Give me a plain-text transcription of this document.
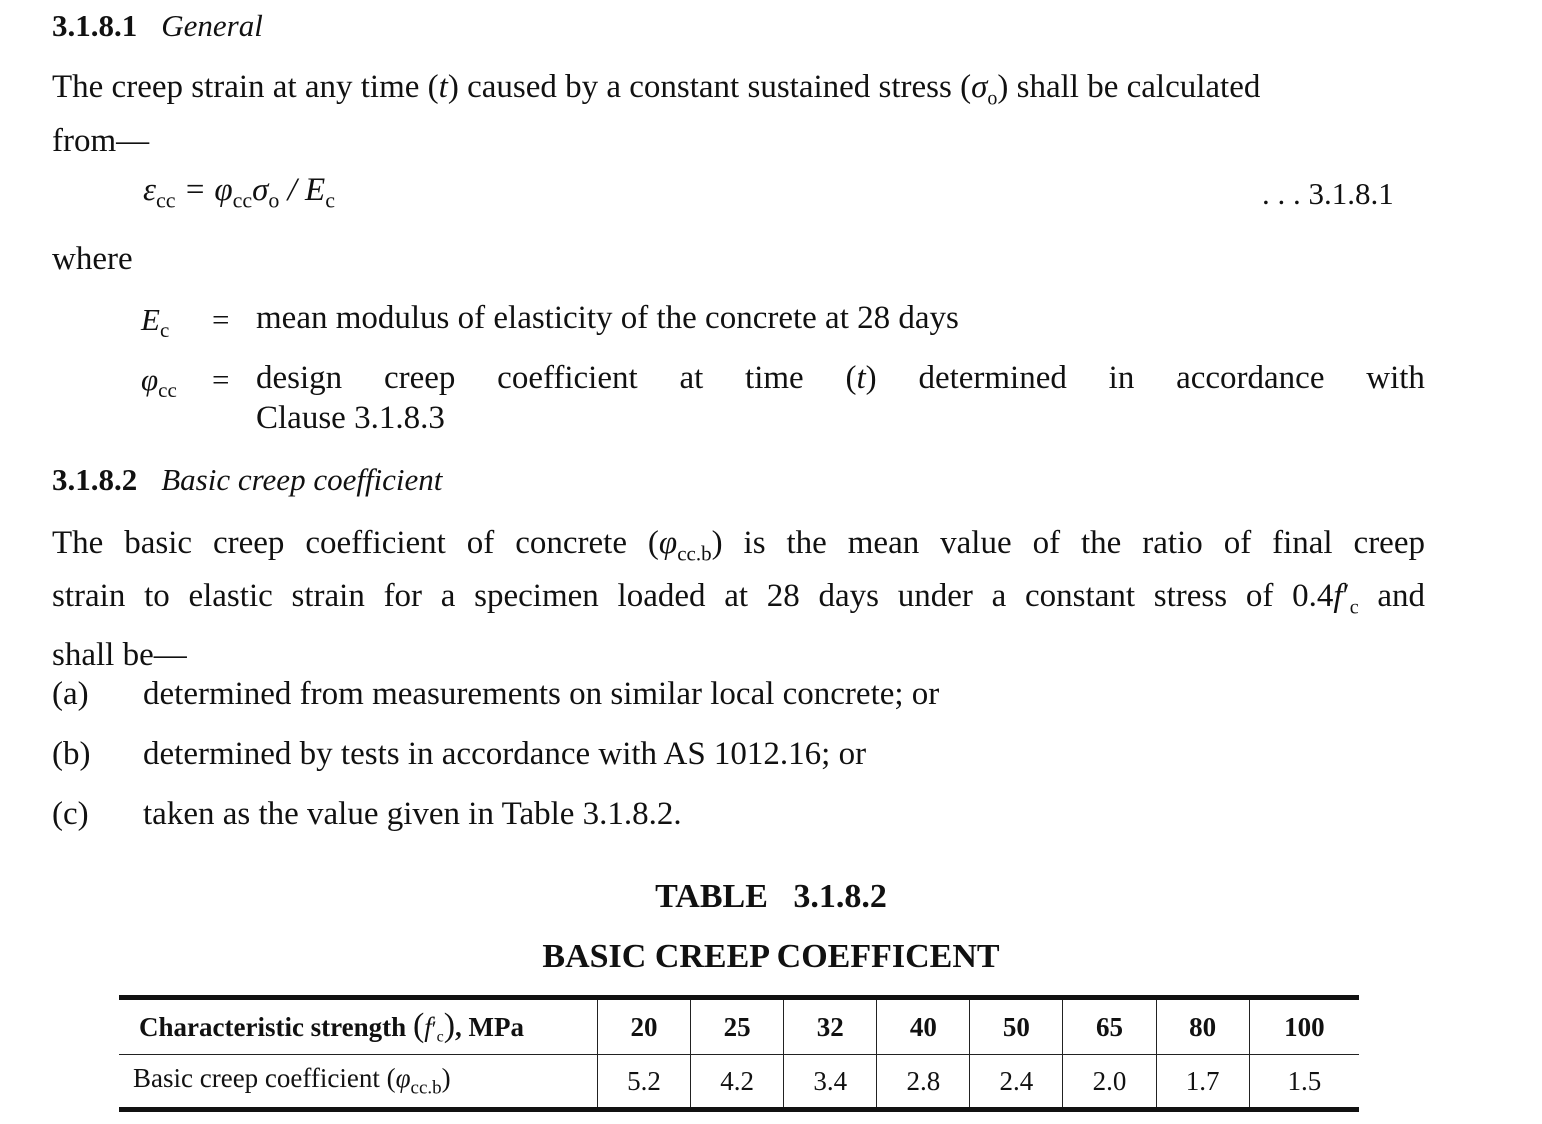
3.1.8.1 General
The creep strain at any time (t) caused by a constant sustained stress $(\sigma_o)$ shall be calculated
from—
$\varepsilon_{cc} = \varphi_{cc}\sigma_o / E_c$	. . . 3.1.8.1
where
$E_c$ = mean modulus of elasticity of the concrete at 28 days
$\varphi_{cc}$ = design creep coefficient at time (t) determined in accordance with
Clause 3.1.8.3
3.1.8.2 Basic creep coefficient
The basic creep coefficient of concrete $(\varphi_{cc.b})$ is the mean value of the ratio of final creep
strain to elastic strain for a specimen loaded at 28 days under a constant stress of $0.4f'_c$ and
shall be—
(a) determined from measurements on similar local concrete; or
(b) determined by tests in accordance with AS 1012.16; or
(c) taken as the value given in Table 3.1.8.2.
TABLE   3.1.8.2
BASIC CREEP COEFFICENT
Characteristic strength $(f'_c)$, MPa	20	25	32	40	50	65	80	100
Basic creep coefficient $(\varphi_{cc.b})$	5.2	4.2	3.4	2.8	2.4	2.0	1.7	1.5
